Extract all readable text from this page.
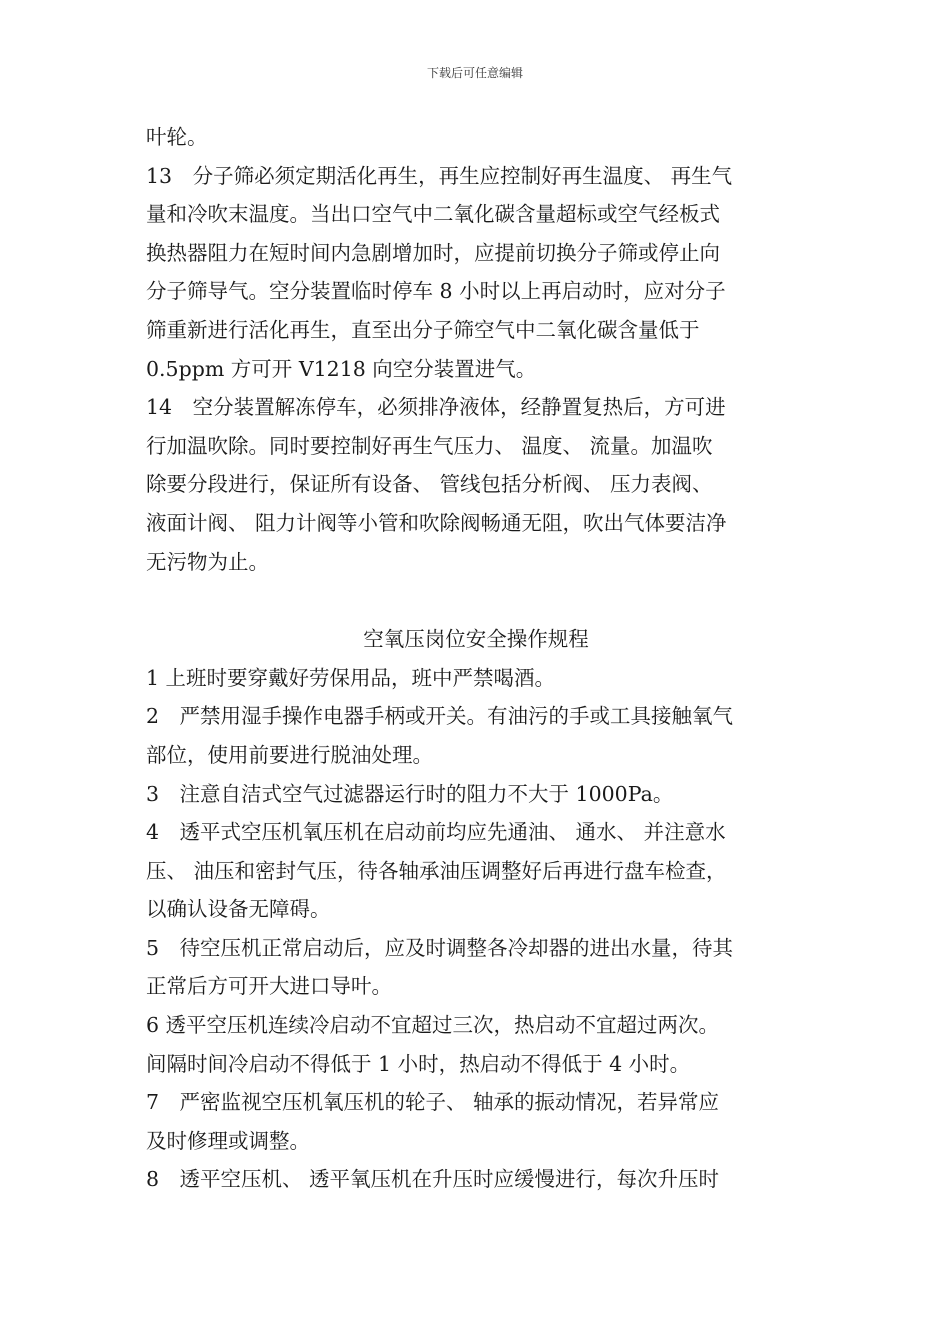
下载后可任意编辑
叶轮。
13　分子筛必须定期活化再生，再生应控制好再生温度、 再生气
量和冷吹末温度。当出口空气中二氧化碳含量超标或空气经板式
换热器阻力在短时间内急剧增加时，应提前切换分子筛或停止向
分子筛导气。空分装置临时停车 8 小时以上再启动时，应对分子
筛重新进行活化再生，直至出分子筛空气中二氧化碳含量低于
0.5ppm 方可开 V1218 向空分装置进气。
14　空分装置解冻停车，必须排净液体，经静置复热后，方可进
行加温吹除。同时要控制好再生气压力、 温度、 流量。加温吹
除要分段进行，保证所有设备、 管线包括分析阀、 压力表阀、
液面计阀、 阻力计阀等小管和吹除阀畅通无阻，吹出气体要洁净
无污物为止。
空氧压岗位安全操作规程
1 上班时要穿戴好劳保用品，班中严禁喝酒。
2　严禁用湿手操作电器手柄或开关。有油污的手或工具接触氧气
部位，使用前要进行脱油处理。
3　注意自洁式空气过滤器运行时的阻力不大于 1000Pa。
4　透平式空压机氧压机在启动前均应先通油、 通水、 并注意水
压、 油压和密封气压，待各轴承油压调整好后再进行盘车检查，
以确认设备无障碍。
5　待空压机正常启动后，应及时调整各冷却器的进出水量，待其
正常后方可开大进口导叶。
6 透平空压机连续冷启动不宜超过三次，热启动不宜超过两次。
间隔时间冷启动不得低于 1 小时，热启动不得低于 4 小时。
7　严密监视空压机氧压机的轮子、 轴承的振动情况，若异常应
及时修理或调整。
8　透平空压机、 透平氧压机在升压时应缓慢进行，每次升压时
